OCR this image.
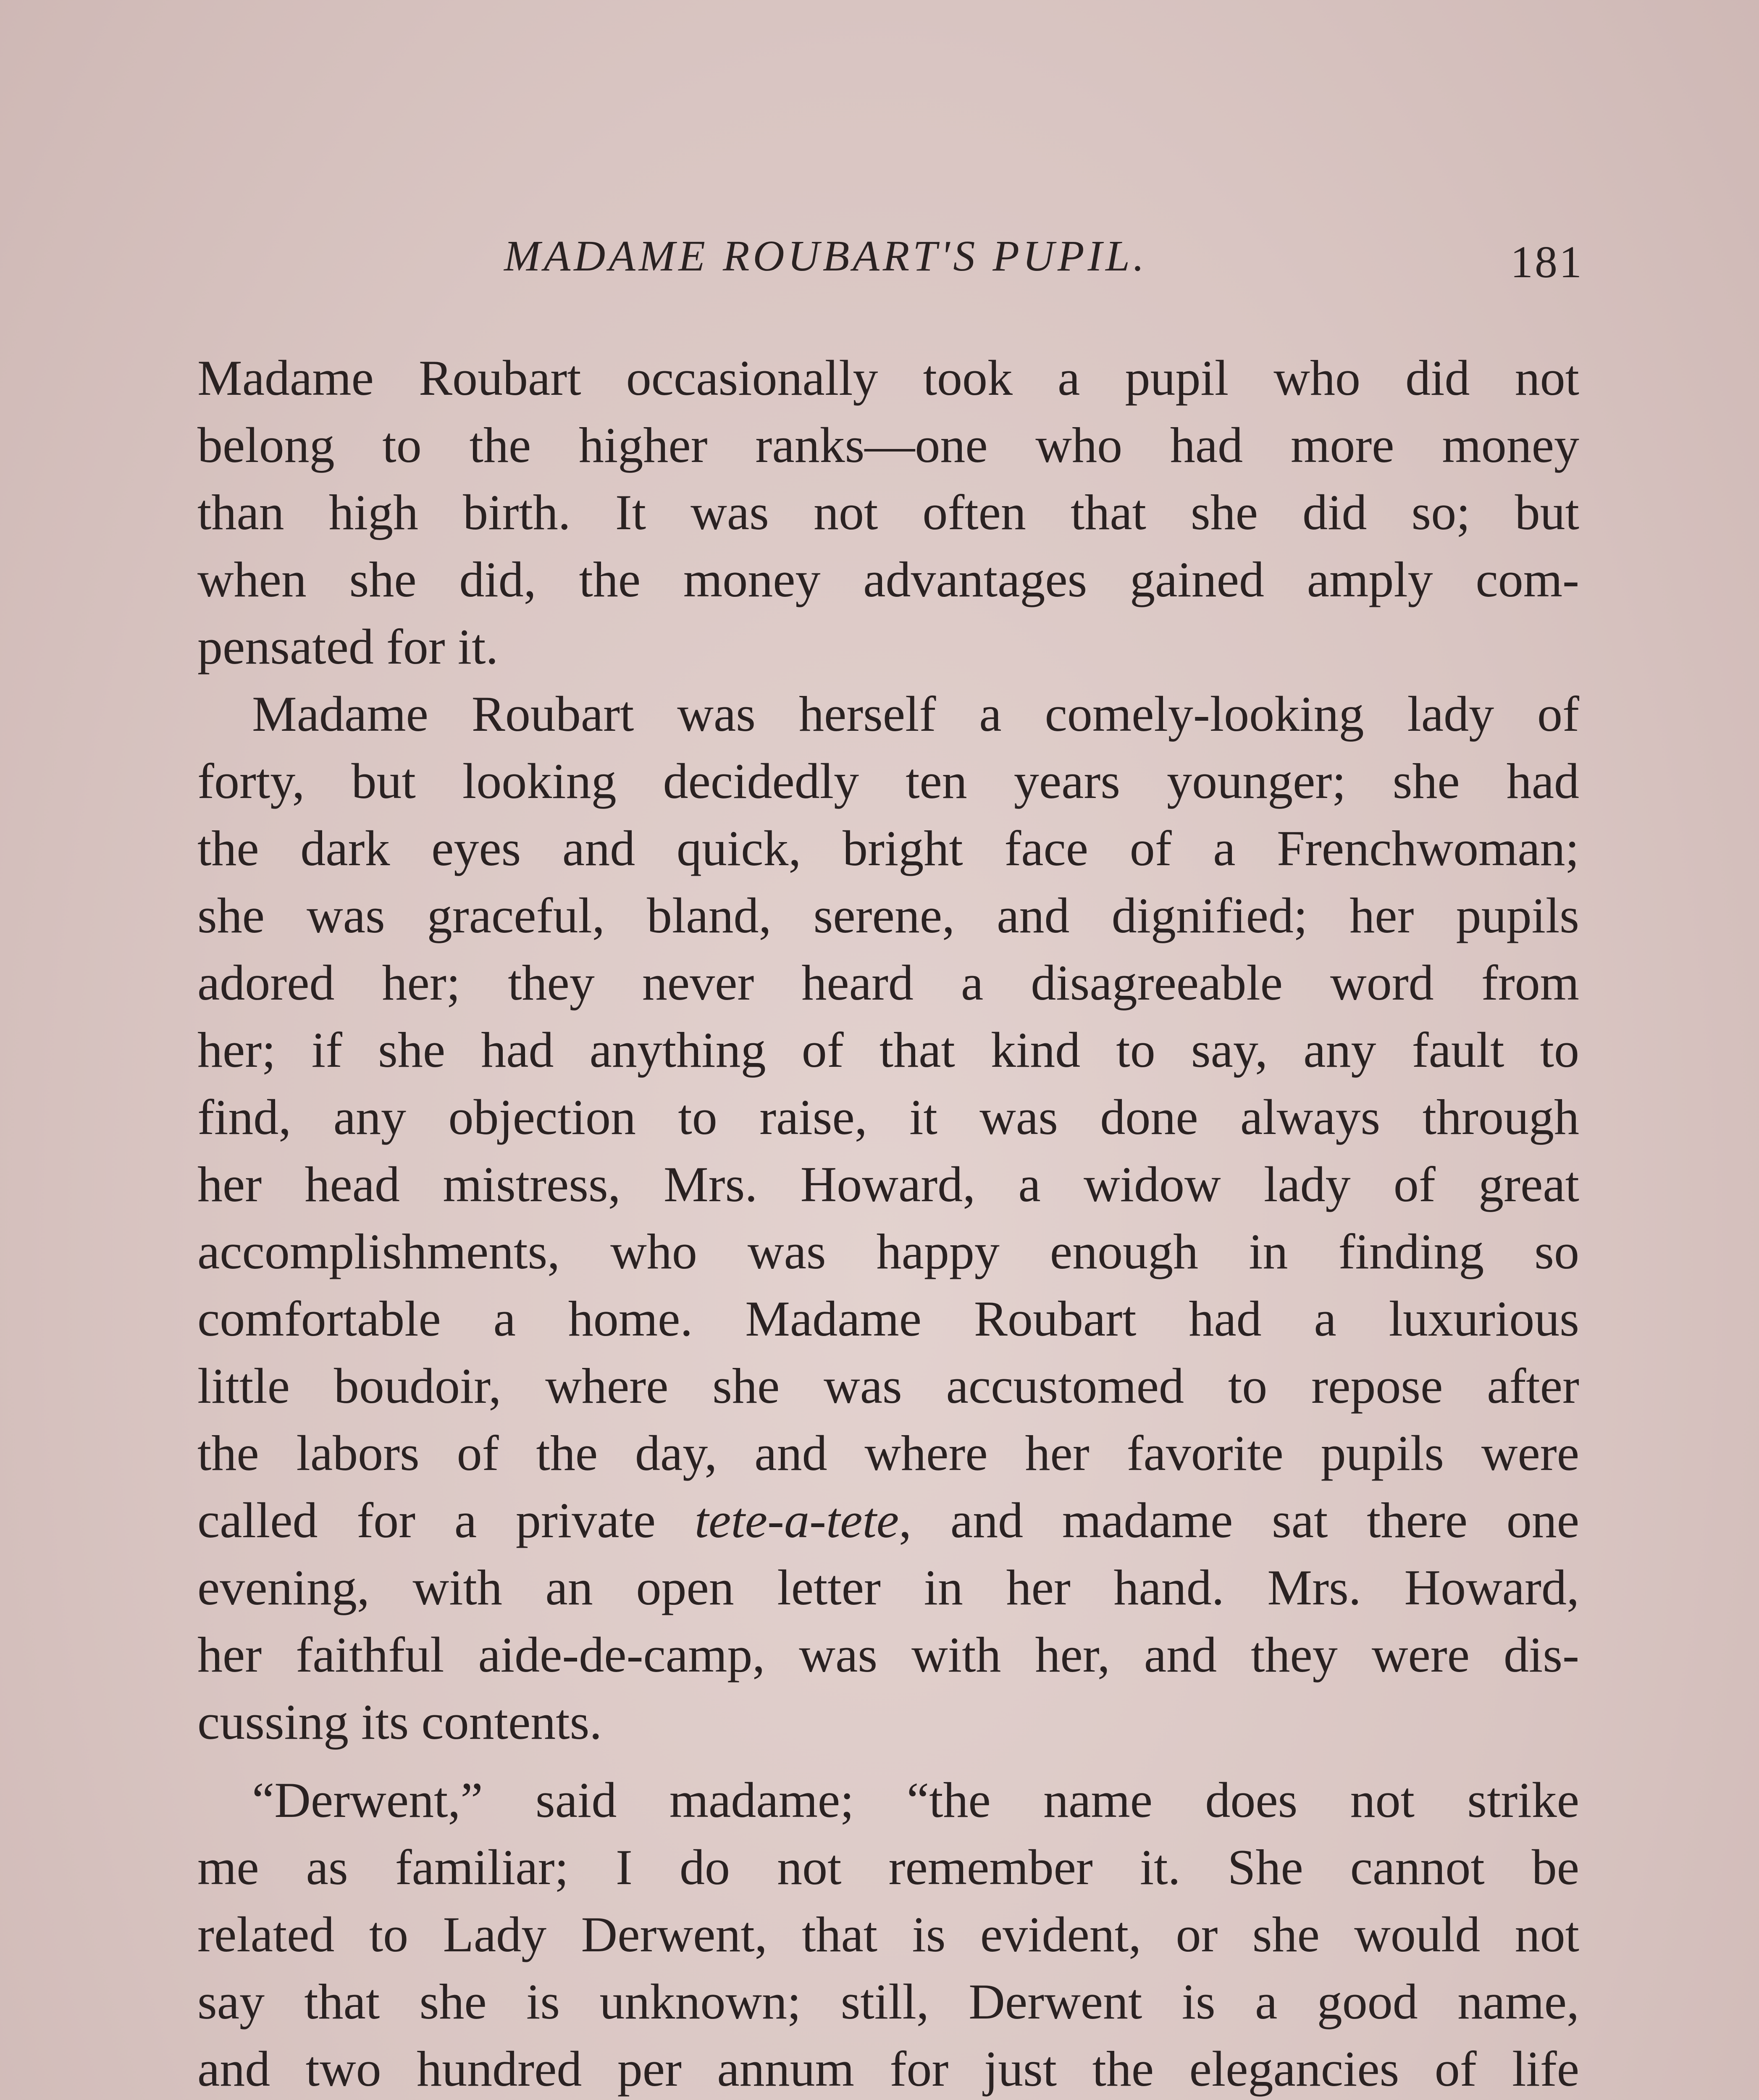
MADAME ROUBART'S PUPIL.	181
Madame Roubart occasionally took a pupil who did not
belong to the higher ranks—one who had more money
than high birth. It was not often that she did so; but
when she did, the money advantages gained amply com-
pensated for it.
Madame Roubart was herself a comely-looking lady of
forty, but looking decidedly ten years younger; she had
the dark eyes and quick, bright face of a Frenchwoman;
she was graceful, bland, serene, and dignified; her pupils
adored her; they never heard a disagreeable word from
her; if she had anything of that kind to say, any fault to
find, any objection to raise, it was done always through
her head mistress, Mrs. Howard, a widow lady of great
accomplishments, who was happy enough in finding so
comfortable a home. Madame Roubart had a luxurious
little boudoir, where she was accustomed to repose after
the labors of the day, and where her favorite pupils were
called for a private tete-a-tete, and madame sat there one
evening, with an open letter in her hand. Mrs. Howard,
her faithful aide-de-camp, was with her, and they were dis-
cussing its contents.
“Derwent,” said madame; “the name does not strike
me as familiar; I do not remember it. She cannot be
related to Lady Derwent, that is evident, or she would not
say that she is unknown; still, Derwent is a good name,
and two hundred per annum for just the elegancies of life
